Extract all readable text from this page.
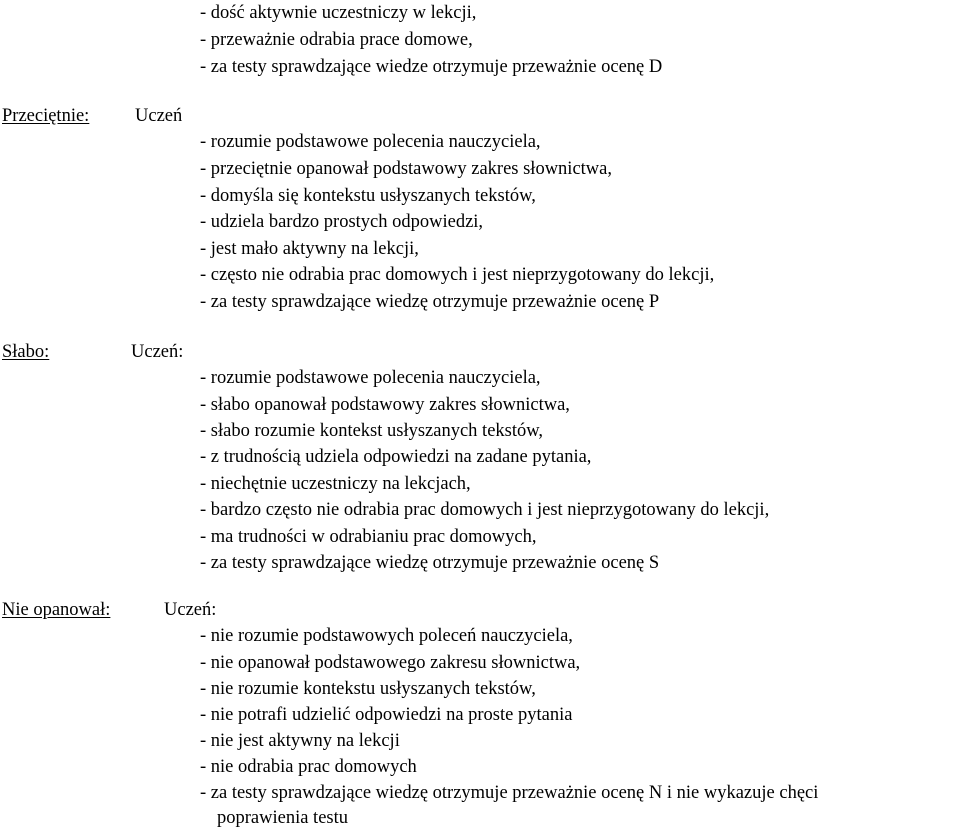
- dość aktywnie uczestniczy w lekcji,
- przeważnie odrabia prace domowe,
- za testy sprawdzające wiedze otrzymuje przeważnie ocenę D
Przeciętnie: Uczeń
- rozumie podstawowe polecenia nauczyciela,
- przeciętnie opanował podstawowy zakres słownictwa,
- domyśla się kontekstu usłyszanych tekstów,
- udziela bardzo prostych odpowiedzi,
- jest mało aktywny na lekcji,
- często nie odrabia prac domowych i jest nieprzygotowany do lekcji,
- za testy sprawdzające wiedzę otrzymuje przeważnie ocenę P
Słabo:	Uczeń:
- rozumie podstawowe polecenia nauczyciela,
- słabo opanował podstawowy zakres słownictwa,
- słabo rozumie kontekst usłyszanych tekstów,
- z trudnością udziela odpowiedzi na zadane pytania,
- niechętnie uczestniczy na lekcjach,
- bardzo często nie odrabia prac domowych i jest nieprzygotowany do lekcji,
- ma trudności w odrabianiu prac domowych,
- za testy sprawdzające wiedzę otrzymuje przeważnie ocenę S
Nie opanował:	Uczeń:
- nie rozumie podstawowych poleceń nauczyciela,
- nie opanował podstawowego zakresu słownictwa,
- nie rozumie kontekstu usłyszanych tekstów,
- nie potrafi udzielić odpowiedzi na proste pytania
- nie jest aktywny na lekcji
- nie odrabia prac domowych
- za testy sprawdzające wiedzę otrzymuje przeważnie ocenę N i nie wykazuje chęci
poprawienia testu
